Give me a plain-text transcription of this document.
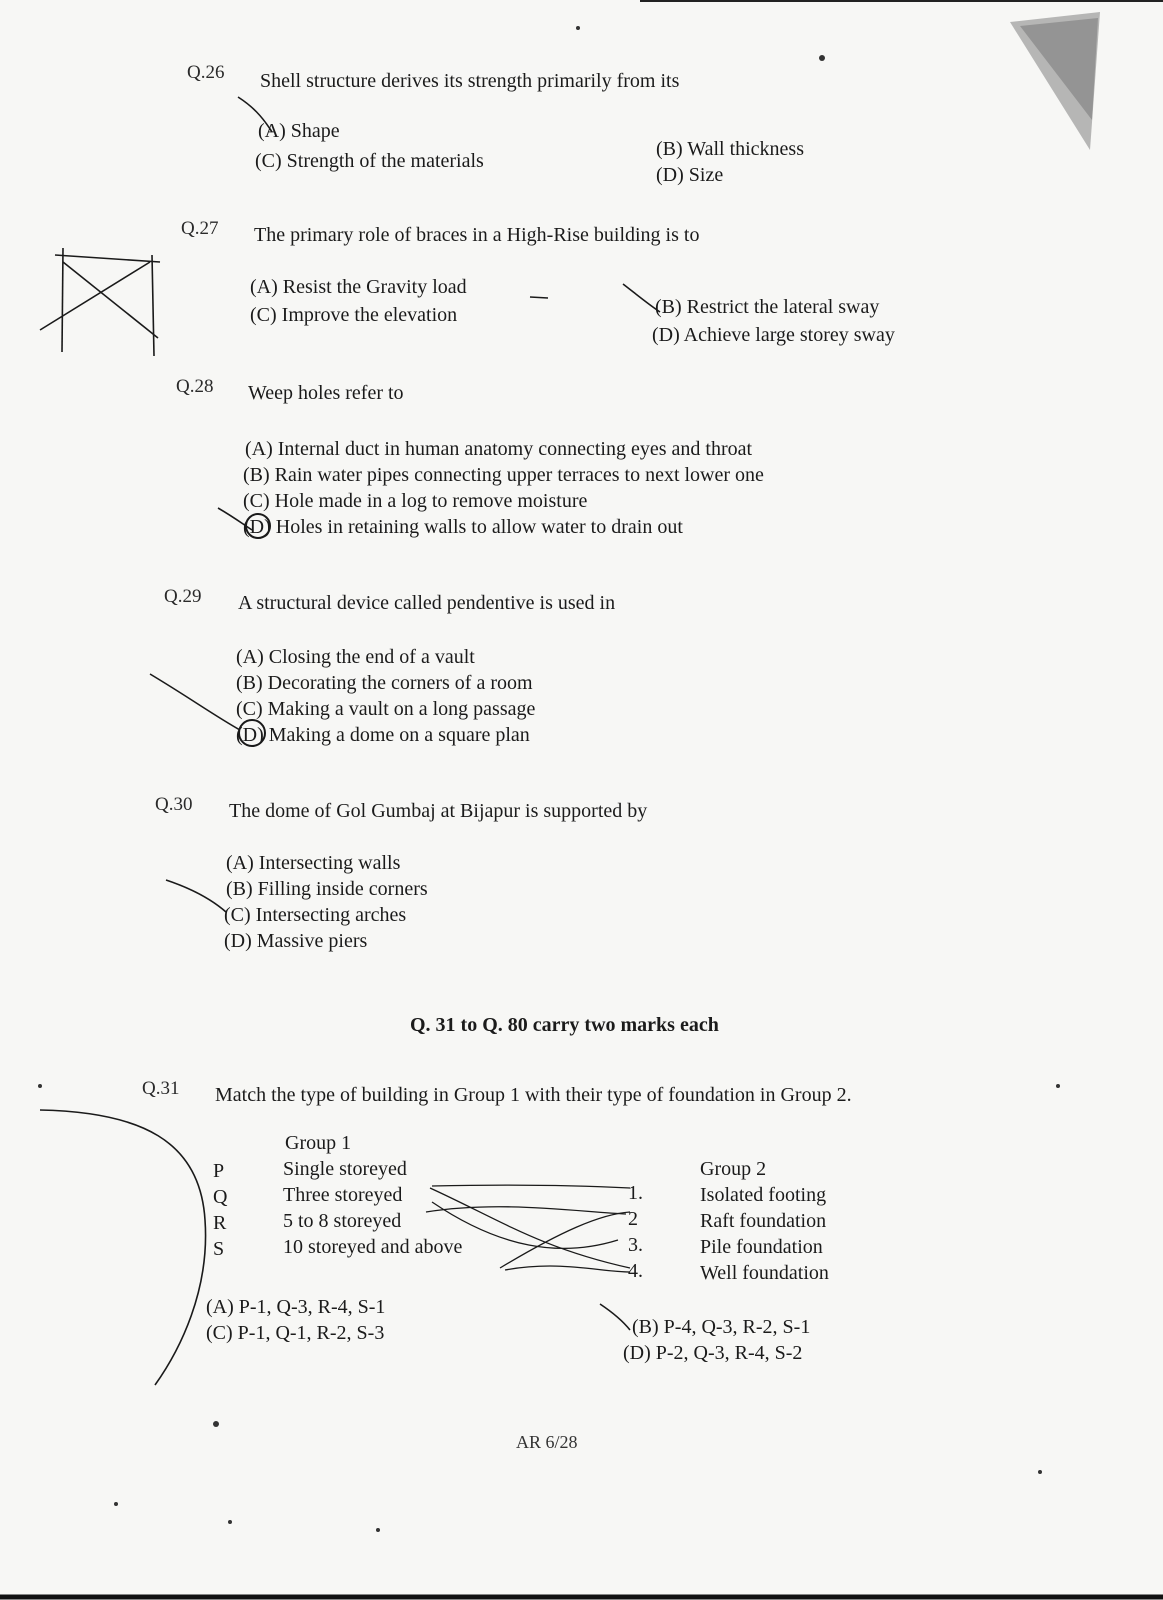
Q.26 Shell structure derives its strength primarily from its
(A) Shape
(B) Wall thickness
(C) Strength of the materials
(D) Size
Q.27 The primary role of braces in a High-Rise building is to
(A) Resist the Gravity load
(B) Restrict the lateral sway
(C) Improve the elevation
(D) Achieve large storey sway
Q.28 Weep holes refer to
(A) Internal duct in human anatomy connecting eyes and throat
(B) Rain water pipes connecting upper terraces to next lower one
(C) Hole made in a log to remove moisture
(D) Holes in retaining walls to allow water to drain out
Q.29 A structural device called pendentive is used in
(A) Closing the end of a vault
(B) Decorating the corners of a room
(C) Making a vault on a long passage
(D) Making a dome on a square plan
Q.30 The dome of Gol Gumbaj at Bijapur is supported by
(A) Intersecting walls
(B) Filling inside corners
(C) Intersecting arches
(D) Massive piers
Q. 31 to Q. 80 carry two marks each
Q.31 Match the type of building in Group 1 with their type of foundation in Group 2.
Group 1
P	Single storeyed
Q	Three storeyed
R	5 to 8 storeyed
S	10 storeyed and above
Group 2
1.	Isolated footing
2	Raft foundation
3.	Pile foundation
4.	Well foundation
(A) P-1, Q-3, R-4, S-1
(B) P-4, Q-3, R-2, S-1
(C) P-1, Q-1, R-2, S-3
(D) P-2, Q-3, R-4, S-2
AR 6/28
